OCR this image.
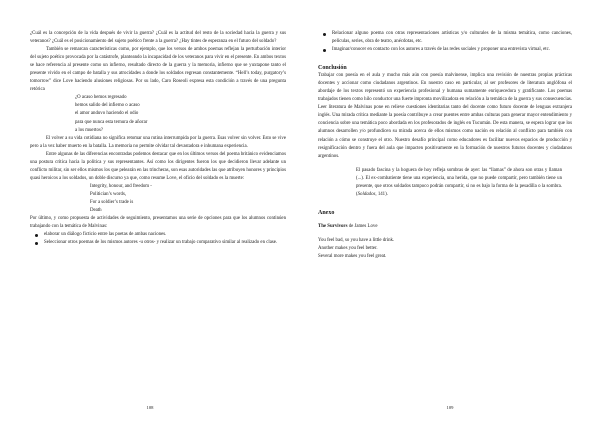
¿Cuál es la concepción de la vida después de vivir la guerra? ¿Cuál es la actitud del resto de la sociedad hacia la guerra y sus veteranos? ¿Cuál es el posicionamiento del sujeto poético frente a la guerra? ¿Hay tintes de esperanza en el futuro del soldado?

También se remarcan características como, por ejemplo, que los versos de ambos poemas reflejan la perturbación interior del sujeto poético provocada por la catástrofe, planteando la incapacidad de los veteranos para vivir en el presente. En ambos textos se hace referencia al presente como un infierno, resultado directo de la guerra y la memoria, infierno que se yuxtapone tanto el presente vivido en el campo de batalla y sus atrocidades a donde los soldados regresan constantemente. “Hell’s today, purgatory’s tomorrow” dice Love haciendo alusiones religiosas. Por su lado, Caro Roseoli expresa esta condición a través de una pregunta retórica

¿O acaso hemos regresado
hemos salido del infierno o acaso
el amor anduvo haciendo el odio
para que nunca esta ternura de añorar
a los muertos?

El volver a su vida cotidiana no significa retomar una rutina interrumpida por la guerra. Esas volver sin volver. Esto se vive pero a la vez haber muerto en la batalla. La memoria no permite olvidar tal devastadora e inhumana experiencia.

Entre algunas de las diferencias encontradas podemos destacar que en los últimos versos del poema británico evidenciamos una postura crítica hacia la política y sus representantes. Así como los dirigentes fueron los que decidieron llevar adelante un conflicto militar, sin ser ellos mismos los que pelearán en las trincheras, son esas autoridades las que atribuyen honores y principios quasi heroicos a los soldados, un doble discurso ya que, como resume Love, el oficio del soldado es la muerte:

Integrity, honour, and freedom -
Politician’s words,
For a soldier’s trade is
Death

Por último, y como propuesta de actividades de seguimiento, presentamos una serie de opciones para que los alumnos continúen trabajando con la temática de Malvinas:

elaborar un diálogo ficticio entre las poetas de ambas naciones.
Seleccionar otros poemas de los mismos autores -u otros- y realizar un trabajo comparativo similar al realizado en clase.
108
Relacionar alguno poema con otras representaciones artísticas y/o culturales de la misma temática, como canciones, películas, series, obra de teatro, anécdotas, etc.
Imaginar/conocer en contacto con los autores a través de las redes sociales y proponer una entrevista virtual, etc.
Conclusión

Trabajar con poesía en el aula y mucho más aún con poesía malvinense, implica una revisión de nuestras propias prácticas docentes y accionar como ciudadanos argentinos. En nuestro caso en particular, al ser profesores de literatura anglófona el abordaje de los textos representó un experiencia profesional y humana sumamente enriquecedora y gratificante. Los poemas trabajados tienen como hilo conductor una fuerte impronta movilizadora en relación a la temática de la guerra y sus consecuencias. Leer literatura de Malvinas pone en relieve cuestiones identitarias tanto del docente como futuro docente de lenguas extranjera inglés. Una mirada crítica mediante la poesía contribuye a crear puentes entre ambas culturas para generar mayor entendimiento y conciencia sobre una temática poco abordada en los profesorados de inglés en Tucumán. De esta manera, se espera lograr que los alumnos desarrollen y/o profundicen su mirada acerca de ellos mismos como nación en relación al conflicto para también con relación a cómo se construye el otro. Nuestro desafío principal como educadores es facilitar nuevos espacios de producción y resignificación dentro y fuera del aula que impacten positivamente en la formación de nuestros futuros docentes y ciudadanos argentinos.

El pasado fascina y la hoguera de hoy refleja sombras de ayer: las “llamas” de ahora son otras y llaman (...). El ex-combatiente tiene una experiencia, una herida, que no puede compartir, pero también tiene un presente, que otros soldados tampoco podrán compartir, si no es bajo la forma de la pesadilla o la sombra. (Soldados, 141).

Anexo

The Survivors de James Love

You feel bad, so you have a little drink.

Another makes you feel better.

Several more makes you feel great.

109
